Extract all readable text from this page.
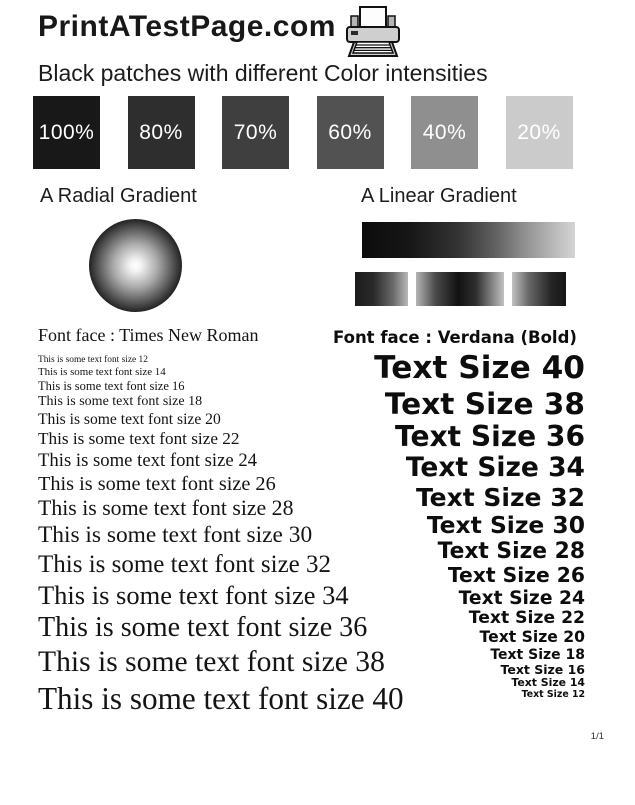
PrintATestPage.com
Black patches with different Color intensities
100% 80% 70% 60% 40% 20%
A Radial Gradient	A Linear Gradient
Font face : Times New Roman
This is some text font size 12
This is some text font size 14
This is some text font size 16
This is some text font size 18
This is some text font size 20
This is some text font size 22
This is some text font size 24
This is some text font size 26
This is some text font size 28
This is some text font size 30
This is some text font size 32
This is some text font size 34
This is some text font size 36
This is some text font size 38
This is some text font size 40
Font face : Verdana (Bold)
Text Size 40
Text Size 38
Text Size 36
Text Size 34
Text Size 32
Text Size 30
Text Size 28
Text Size 26
Text Size 24
Text Size 22
Text Size 20
Text Size 18
Text Size 16
Text Size 14
Text Size 12
1/1
